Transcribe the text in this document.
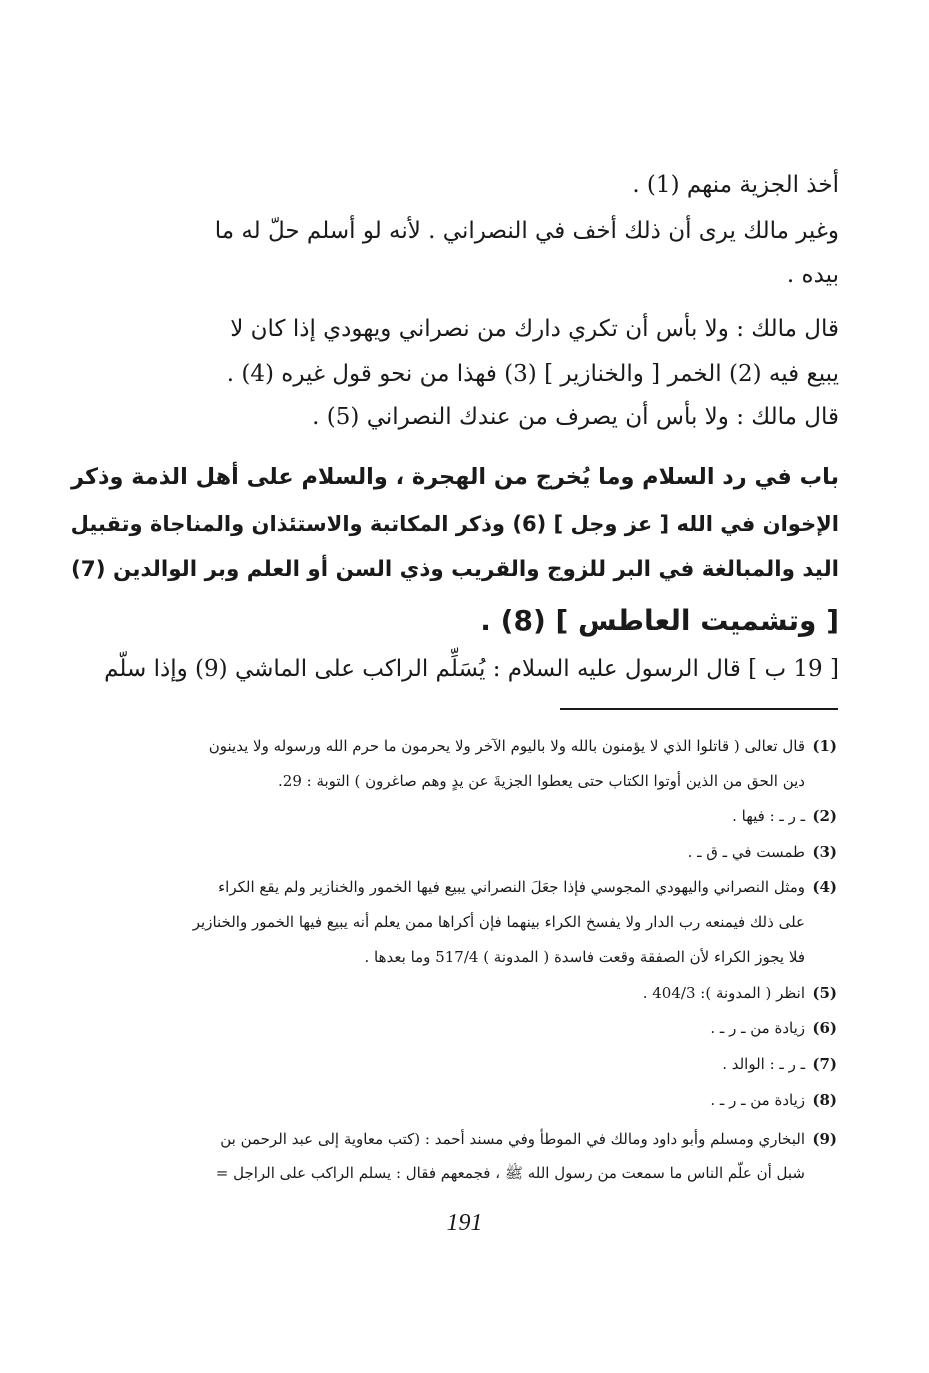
أخذ الجزية منهم (1) .
وغير مالك يرى أن ذلك أخف في النصراني . لأنه لو أسلم حلّ له ما
بيده .
قال مالك : ولا بأس أن تكري دارك من نصراني ويهودي إذا كان لا
يبيع فيه (2) الخمر [ والخنازير ] (3) فهذا من نحو قول غيره (4) .
قال مالك : ولا بأس أن يصرف من عندك النصراني (5) .
باب في رد السلام وما يُخرج من الهجرة ، والسلام على أهل الذمة وذكر
الإخوان في الله [ عز وجل ] (6) وذكر المكاتبة والاستئذان والمناجاة وتقبيل
اليد والمبالغة في البر للزوج والقريب وذي السن أو العلم وبر الوالدين (7)
[ وتشميت العاطس ] (8) .
[ 19 ب ] قال الرسول عليه السلام : يُسَلِّم الراكب على الماشي (9) وإذا سلّم
(1)
قال تعالى ( قاتلوا الذي لا يؤمنون بالله ولا باليوم الآخر ولا يحرمون ما حرم الله ورسوله ولا يدينون
دين الحق من الذين أوتوا الكتاب حتى يعطوا الجزيةَ عن يدٍ وهم صاغرون ) التوبة : 29.
(2)
ـ ر ـ : فيها .
(3)
طمست في ـ ق ـ .
(4)
ومثل النصراني واليهودي المجوسي فإذا جعَلَ النصراني يبيع فيها الخمور والخنازير ولم يقع الكراء
على ذلك فيمنعه رب الدار ولا يفسخ الكراء بينهما فإن أكراها ممن يعلم أنه يبيع فيها الخمور والخنازير
فلا يجوز الكراء لأن الصفقة وقعت فاسدة ( المدونة ) 517/4 وما بعدها .
(5)
انظر ( المدونة ): 404/3 .
(6)
زيادة من ـ ر ـ .
(7)
ـ ر ـ : الوالد .
(8)
زيادة من ـ ر ـ .
(9)
البخاري ومسلم وأبو داود ومالك في الموطأ وفي مسند أحمد : (كتب معاوية إلى عبد الرحمن بن
شبل أن علّم الناس ما سمعت من رسول الله ﷺ ، فجمعهم فقال : يسلم الراكب على الراجل =
191
